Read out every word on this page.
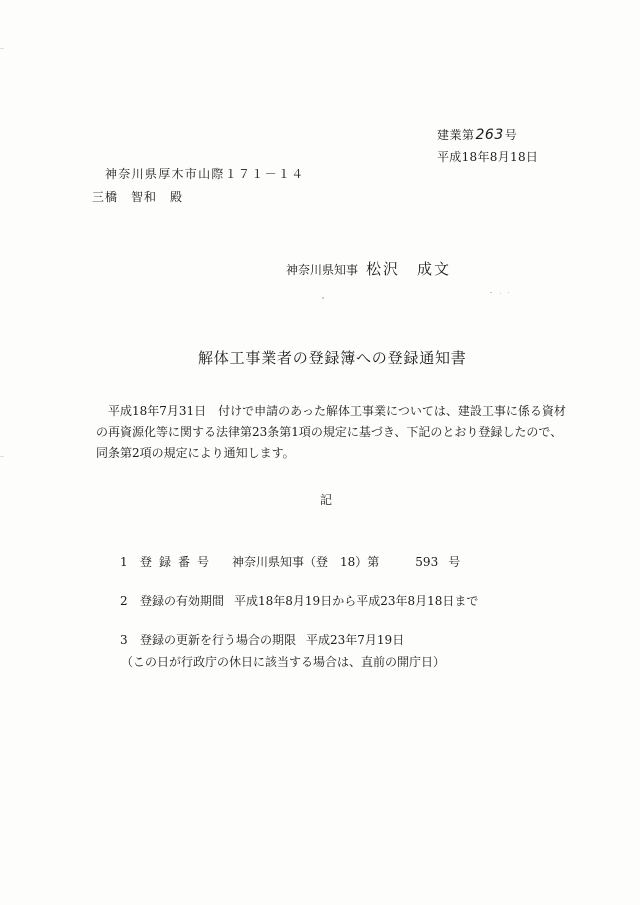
建業第263号
平成18年8月18日
神奈川県厚木市山際１７１－１４
三橋　智和　殿
神奈川県知事 松沢　成文
解体工事業者の登録簿への登録通知書
平成18年7月31日　付けで申請のあった解体工事業については、建設工事に係る資材
の再資源化等に関する法律第23条第1項の規定に基づき、下記のとおり登録したので、
同条第2項の規定により通知します。
記
1 登録番号 神奈川県知事（登　18）第	593 号
2 登録の有効期間 平成18年8月19日から平成23年8月18日まで
3 登録の更新を行う場合の期限 平成23年7月19日
（この日が行政庁の休日に該当する場合は、直前の開庁日）
